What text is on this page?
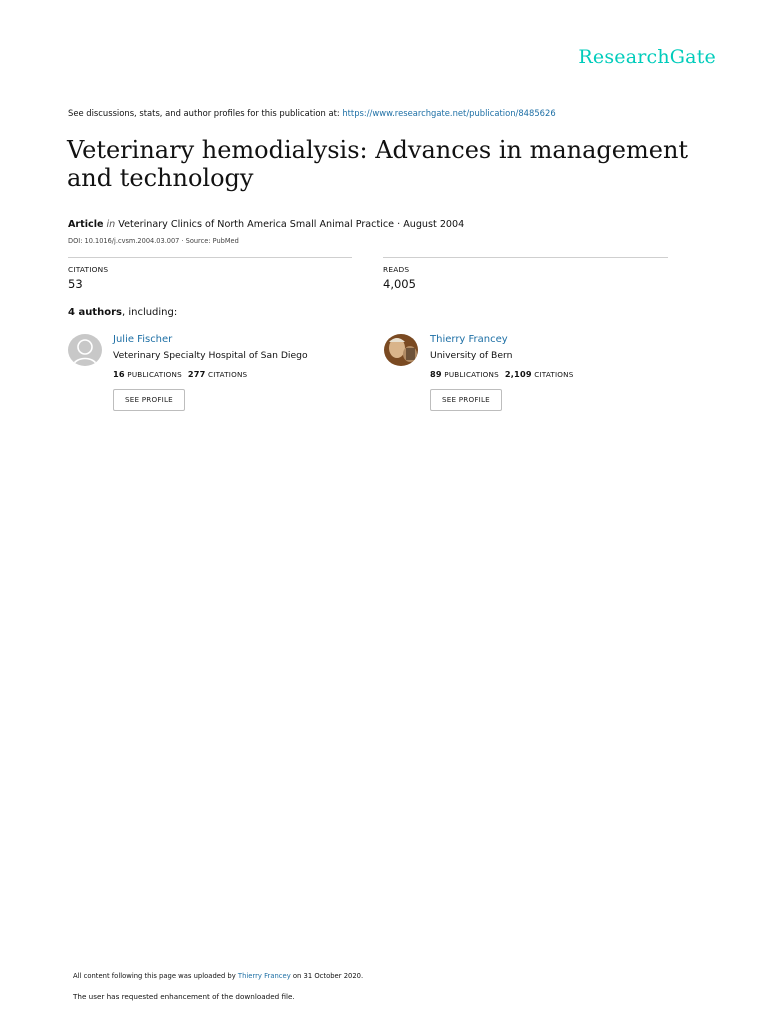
ResearchGate
See discussions, stats, and author profiles for this publication at: https://www.researchgate.net/publication/8485626
Veterinary hemodialysis: Advances in management and technology
Article in Veterinary Clinics of North America Small Animal Practice · August 2004
DOI: 10.1016/j.cvsm.2004.03.007 · Source: PubMed
CITATIONS
53
READS
4,005
4 authors, including:
Julie Fischer
Veterinary Specialty Hospital of San Diego
16 PUBLICATIONS 277 CITATIONS
SEE PROFILE
Thierry Francey
University of Bern
89 PUBLICATIONS 2,109 CITATIONS
SEE PROFILE
All content following this page was uploaded by Thierry Francey on 31 October 2020.
The user has requested enhancement of the downloaded file.
